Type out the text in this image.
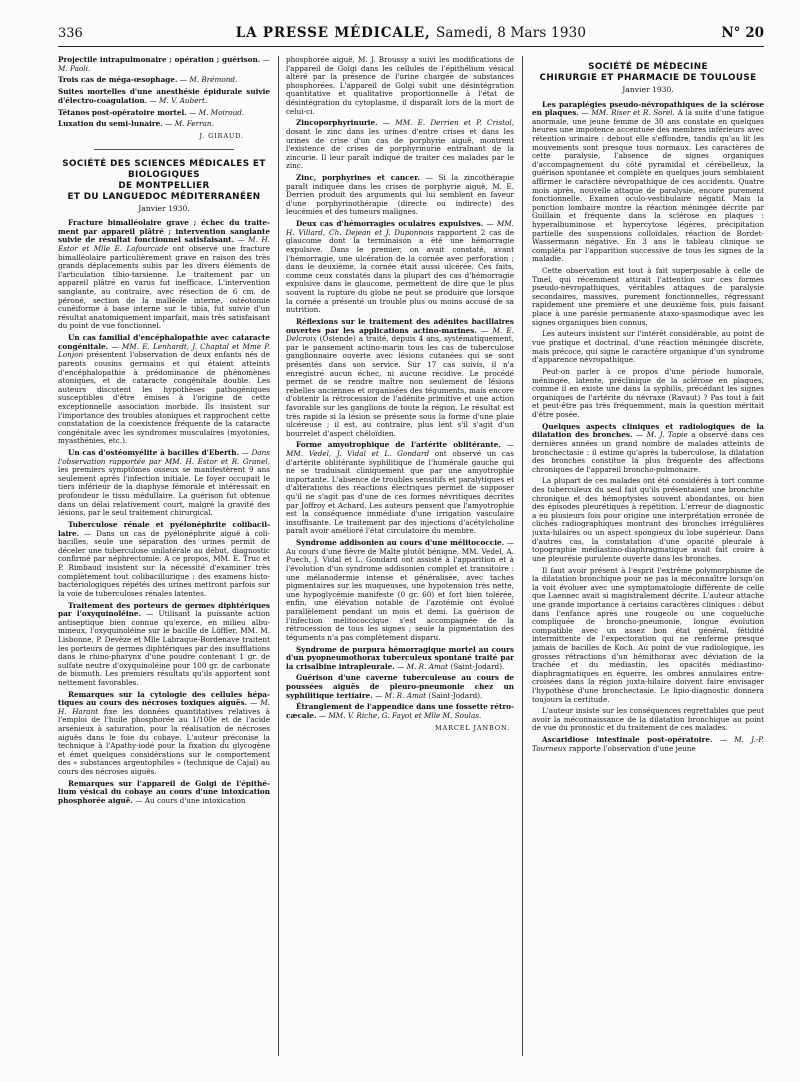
336	LA PRESSE MÉDICALE, Samedi, 8 Mars 1930	N° 20

Projectile intrapulmonaire ; opération ; guérison. — M. Paoli.

Trois cas de méga-œsophage. — M. Brémond.

Suites mortelles d'une anesthésie épidurale suivie d'électro-coagulation. — M. V. Aubert.

Tétanos post-opératoire mortel. — M. Moiroud.

Luxation du semi-lunaire. — M. Ferran.

J. GIRAUD.
SOCIÉTÉ DES SCIENCES MÉDICALES ET BIOLOGIQUES
DE MONTPELLIER
ET DU LANGUEDOC MÉDITERRANÉEN
Janvier 1930.

Fracture bimalléolaire grave ; échec du traitement par appareil plâtré ; intervention sanglante suivie de résultat fonctionnel satisfaisant. — M. H. Estor et Mlle E. Lafourcade ont observé une fracture bimalléolaire particulièrement grave en raison des très grands déplacements subis par les divers éléments de l'articulation tibio-tarsienne. Le traitement par un appareil plâtré en varus fut inefficace. L'intervention sanglante, au contraire, avec résection de 6 cm. de péroné, section de la malléole interne, ostéotomie cunéiforme à base interne sur le tibia, fut suivie d'un résultat anatomiquement imparfait, mais très satisfaisant du point de vue fonctionnel.

Un cas familial d'encéphalopathie avec cataracte congénitale. — MM. E. Lenhardt, J. Chaptal et Mme P. Lonjon présentent l'observation de deux enfants nés de parents cousins germains et qui étaient atteints d'encéphalopathie à prédominance de phénomènes atoniques, et de cataracte congénitale double. Les auteurs discutent les hypothèses pathogéniques susceptibles d'être émises à l'origine de cette exceptionnelle association morbide. Ils insistent sur l'importance des troubles atoniques et rapprochent cette constatation de la coexistence fréquente de la cataracte congénitale avec les syndromes musculaires (myotonies, myasthénies, etc.).

Un cas d'ostéomyélite à bacilles d'Eberth. — Dans l'observation rapportée par MM. H. Estor et R. Granel, les premiers symptômes osseux se manifestèrent 9 ans seulement après l'infection initiale. Le foyer occupait le tiers inférieur de la diaphyse fémorale et intéressait en profondeur le tissu médullaire. La guérison fut obtenue dans un délai relativement court, malgré la gravité des lésions, par le seul traitement chirurgical.

Tuberculose rénale et pyélonéphrite colibacillaire. — Dans un cas de pyélonéphrite aiguë à colibacilles, seule une séparation des urines permit de déceler une tuberculose unilatérale au début, diagnostic confirmé par néphrectomie. A ce propos, MM. E. Truc et P. Rimbaud insistent sur la nécessité d'examiner très complètement tout colibacillurique : des examens histo-bactériologiques répétés des urines mettront parfois sur la voie de tuberculoses rénales latentes.

Traitement des porteurs de germes diphtériques par l'oxyquinoléine. — Utilisant la puissante action antiseptique bien connue qu'exerce, en milieu albumineux, l'oxyquinoléine sur le bacille de Löffler, MM. M. Lisbonne, P. Devèze et Mlle Labraque-Bordenave traitent les porteurs de germes diphtériques par des insufflations dans le rhino-pharynx d'une poudre contenant 1 gr. de sulfate neutre d'oxyquinoléine pour 100 gr. de carbonate de bismuth. Les premiers résultats qu'ils apportent sont nettement favorables.

Remarques sur la cytologie des cellules hépatiques au cours des nécroses toxiques aiguës. — M. H. Harant fixe les données quantitatives relatives à l'emploi de l'huile phosphorée au 1/100e et de l'acide arsénieux à saturation, pour la réalisation de nécroses aiguës dans le foie du cobaye. L'auteur préconise la technique à l'Apathy-iodé pour la fixation du glycogène et émet quelques considérations sur le comportement des « substances argentophiles » (technique de Cajal) au cours des nécroses aiguës.

Remarques sur l'appareil de Golgi de l'épithélium vésical du cobaye au cours d'une intoxication phosphorée aiguë. — Au cours d'une intoxication

phosphorée aiguë, M. J. Broussy a suivi les modifications de l'appareil de Golgi dans les cellules de l'épithélium vésical altéré par la présence de l'urine chargée de substances phosphorées. L'appareil de Golgi subit une désintégration quantitative et qualitative proportionnelle à l'état de désintégration du cytoplasme, il disparaît lors de la mort de celui-ci.

Zincoporphyrinurie. — MM. E. Derrien et P. Cristol, dosant le zinc dans les urines d'entre crises et dans les urines de crise d'un cas de porphyrie aiguë, montrent l'existence de crises de porphyrinurie entraînant de la zincurie. Il leur paraît indiqué de traiter ces malades par le zinc.

Zinc, porphyrines et cancer. — Si la zincothérapie paraît indiquée dans les crises de porphyrie aiguë, M. E. Derrien produit des arguments qui lui semblent en faveur d'une porphyrinothérapie (directe ou indirecte) des leucémies et des tumeurs malignes.

Deux cas d'hémorragies oculaires expulsives. — MM. H. Villard, Ch. Dejean et J. Duponnois rapportent 2 cas de glaucome dont la terminaison a été une hémorragie expulsive. Dans le premier, on avait constaté, avant l'hémorragie, une ulcération de la cornée avec perforation ; dans le deuxième, la cornée était aussi ulcérée. Ces faits, comme ceux constatés dans la plupart des cas d'hémorragie expulsive dans le glaucome, permettent de dire que le plus souvent la rupture du globe ne peut se produire que lorsque la cornée a présenté un trouble plus ou moins accusé de sa nutrition.

Réflexions sur le traitement des adénites bacillaires ouvertes par les applications actino-marines. — M. E. Delcroix (Ostende) a traité, depuis 4 ans, systématiquement, par le pansement actino-marin tous les cas de tuberculose ganglionnaire ouverte avec lésions cutanées qui se sont présentés dans son service. Sur 17 cas suivis, il n'a enregistré aucun échec, ni aucune récidive. Le procédé permet de se rendre maître non seulement de lésions rebelles anciennes et organisées des téguments, mais encore d'obtenir la rétrocession de l'adénite primitive et une action favorable sur les ganglions de toute la région. Le résultat est très rapide si la lésion se présente sous la forme d'une plaie ulcéreuse ; il est, au contraire, plus lent s'il s'agit d'un bourrelet d'aspect chéloïdien.

Forme amyotrophique de l'artérite oblitérante. — MM. Vedel, J. Vidal et L. Gondard ont observé un cas d'artérite oblitérante syphilitique de l'humérale gauche qui ne se traduisait cliniquement que par une amyotrophie importante. L'absence de troubles sensitifs et paralytiques et d'altérations des réactions électriques permet de supposer qu'il ne s'agit pas d'une de ces formes névritiques décrites par Joffroy et Achard. Les auteurs pensent que l'amyotrophie est la conséquence immédiate d'une irrigation vasculaire insuffisante. Le traitement par des injections d'acétylcholine paraît avoir amélioré l'état circulatoire du membre.

Syndrome addisonien au cours d'une mélitococcie. — Au cours d'une fièvre de Malte plutôt bénigne, MM. Vedel, A. Puech, J. Vidal et L. Gondard ont assisté à l'apparition et à l'évolution d'un syndrome addisonien complet et transitoire : une mélanodermie intense et généralisée, avec taches pigmentaires sur les muqueuses, une hypotension très nette, une hypoglycémie manifeste (0 gr. 60) et fort bien tolérée, enfin, une élévation notable de l'azotémie ont évolué parallèlement pendant un mois et demi. La guérison de l'infection mélitococcique s'est accompagnée de la rétrocession de tous les signes ; seule la pigmentation des téguments n'a pas complètement disparu.

Syndrome de purpura hémorragique mortel au cours d'un pyopneumothorax tuberculeux spontané traité par la crisalbine intrapleurale. — M. R. Amat (Saint-Jodard).

Guérison d'une caverne tuberculeuse au cours de poussées aiguës de pleuro-pneumonie chez un syphilitique tertiaire. — M. R. Amat (Saint-Jodard).

Étranglement de l'appendice dans une fossette rétro-cæcale. — MM. V. Riche, G. Fayot et Mlle M. Soulas.

MARCEL JANBON.
SOCIÉTÉ DE MÉDECINE
CHIRURGIE ET PHARMACIE DE TOULOUSE
Janvier 1930.

Les paraplégies pseudo-névropathiques de la sclérose en plaques. — MM. Riser et R. Sorel. A la suite d'une fatigue anormale, une jeune femme de 30 ans constate en quelques heures une impotence accentuée des membres inférieurs avec rétention urinaire : debout elle s'effondre, tandis qu'au lit les mouvements sont presque tous normaux. Les caractères de cette paralysie, l'absence de signes organiques d'accompagnement du côté pyramidal et cérébelleux, la guérison spontanée et complète en quelques jours semblaient affirmer le caractère névropathique de ces accidents. Quatre mois après, nouvelle attaque de paralysie, encore purement fonctionnelle. Examen oculo-vestibulaire négatif. Mais la ponction lombaire montre la réaction méningée décrite par Guillain et fréquente dans la sclérose en plaques : hyperalbuminose et hypercytose légères, précipitation partielle des suspensions colloïdales, réaction de Bordet-Wassermann négative. En 3 ans le tableau clinique se compléta par l'apparition successive de tous les signes de la maladie.

Cette observation est tout à fait superposable à celle de Tinel, qui récemment attirait l'attention sur ces formes pseudo-névropathiques, véritables attaques de paralysie secondaires, massives, purement fonctionnelles, régressant rapidement une première et une deuxième fois, puis faisant place à une parésie permanente ataxo-spasmodique avec les signes organiques bien connus.

Les auteurs insistent sur l'intérêt considérable, au point de vue pratique et doctrinal, d'une réaction méningée discrète, mais précoce, qui signe le caractère organique d'un syndrome d'apparence névropathique.

Peut-on parler à ce propos d'une période humorale, méningée, latente, préclinique de la sclérose en plaques, comme il en existe une dans la syphilis, précédant les signes organiques de l'artérite du névraxe (Ravaut) ? Pas tout à fait et peut-être pas très fréquemment, mais la question méritait d'être posée.

Quelques aspects cliniques et radiologiques de la dilatation des bronches. — M. J. Tapie a observé dans ces dernières années un grand nombre de malades atteints de bronchectasie : il estime qu'après la tuberculose, la dilatation des bronches constitue la plus fréquente des affections chroniques de l'appareil broncho-pulmonaire.

La plupart de ces malades ont été considérés à tort comme des tuberculeux du seul fait qu'ils présentaient une bronchite chronique et des hémoptysies souvent abondantes, ou bien des épisodes pleurétiques à répétition. L'erreur de diagnostic a eu plusieurs fois pour origine une interprétation erronée de clichés radiographiques montrant des bronches irrégulières juxta-hilaires ou un aspect spongieux du lobe supérieur. Dans d'autres cas, la constatation d'une opacité pleurale à topographie médiastino-diaphragmatique avait fait croire à une pleurésie purulente ouverte dans les bronches.

Il faut avoir présent à l'esprit l'extrême polymorphisme de la dilatation bronchique pour ne pas la méconnaître lorsqu'on la voit évoluer avec une symptomatologie différente de celle que Laennec avait si magistralement décrite. L'auteur attache une grande importance à certains caractères cliniques : début dans l'enfance après une rougeole ou une coqueluche compliquée de broncho-pneumonie, longue évolution compatible avec un assez bon état général, fétidité intermittente de l'expectoration qui ne renferme presque jamais de bacilles de Koch. Au point de vue radiologique, les grosses rétractions d'un hémithorax avec déviation de la trachée et du médiastin, les opacités médiastino-diaphragmatiques en équerre, les ombres annulaires entre-croisées dans la région juxta-hilaire doivent faire envisager l'hypothèse d'une bronchectasie. Le lipio-diagnostic donnera toujours la certitude.

L'auteur insiste sur les conséquences regrettables que peut avoir la méconnaissance de la dilatation bronchique au point de vue du pronostic et du traitement de ces malades.

Ascaridiose intestinale post-opératoire. — M. J.-P. Tourneux rapporte l'observation d'une jeune
